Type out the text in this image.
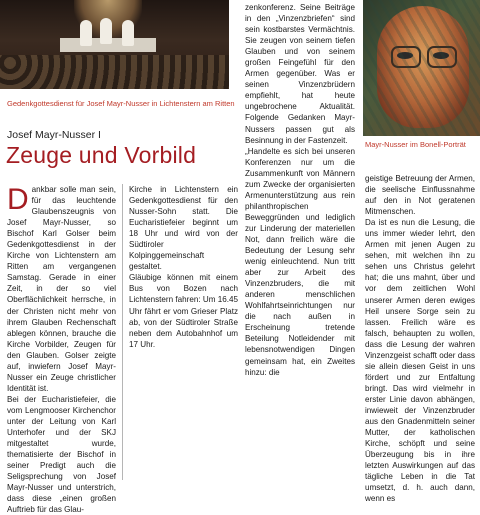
Gedenkgottesdienst für Josef Mayr-Nusser in Lichtenstern am Ritten
Mayr-Nusser im Bonell-Porträt
Josef Mayr-Nusser I
Zeuge und Vorbild

Dankbar solle man sein, für das leuchtende Glaubenszeugnis von Josef Mayr-Nusser, so Bischof Karl Golser beim Gedenkgottesdienst in der Kirche von Lichtenstern am Ritten am vergangenen Samstag. Gerade in einer Zeit, in der so viel Oberflächlichkeit herrsche, in der Christen nicht mehr von ihrem Glauben Rechenschaft ablegen können, brauche die Kirche Vorbilder, Zeugen für den Glauben. Golser zeigte auf, inwiefern Josef Mayr-Nusser ein Zeuge christlicher Identität ist.

Bei der Eucharistiefeier, die vom Lengmooser Kirchenchor unter der Leitung von Karl Unterhofer und der SKJ mitgestaltet wurde, thematisierte der Bischof in seiner Predigt auch die Seligsprechung von Josef Mayr-Nusser und unterstrich, dass diese „einen großen Auftrieb für das Glau-

Kirche in Lichtenstern ein Gedenkgottesdienst für den Nusser-Sohn statt. Die Eucharistiefeier beginnt um 18 Uhr und wird von der Südtiroler Kolpinggemeinschaft gestaltet.

Gläubige können mit einem Bus von Bozen nach Lichtenstern fahren: Um 16.45 Uhr fährt er vom Grieser Platz ab, von der Südtiroler Straße neben dem Autobahnhof um 17 Uhr.

zenkonferenz. Seine Beiträge in den „Vinzenzbriefen“ sind sein kostbarstes Vermächtnis. Sie zeugen von seinem tiefen Glauben und von seinem großen Feingefühl für den Armen gegenüber. Was er seinen Vinzenzbrüdern empfiehlt, hat heute ungebrochene Aktualität. Folgende Gedanken Mayr-Nussers passen gut als Besinnung in der Fastenzeit.

„Handelte es sich bei unseren Konferenzen nur um die Zusammenkunft von Männern zum Zwecke der organisierten Armenunterstützung aus rein philanthropischen Beweggründen und lediglich zur Linderung der materiellen Not, dann freilich wäre die Bedeutung der Lesung sehr wenig einleuchtend. Nun tritt aber zur Arbeit des Vinzenzbruders, die mit anderen menschlichen Wohlfahrtseinrichtungen nur die nach außen in Erscheinung tretende Beteilung Notleidender mit lebensnotwendigen Dingen gemeinsam hat, ein Zweites hinzu: die

geistige Betreuung der Armen, die seelische Einflussnahme auf den in Not geratenen Mitmenschen.

Da ist es nun die Lesung, die uns immer wieder lehrt, den Armen mit jenen Augen zu sehen, mit welchen ihn zu sehen uns Christus gelehrt hat; die uns mahnt, über und vor dem zeitlichen Wohl unserer Armen deren ewiges Heil unsere Sorge sein zu lassen. Freilich wäre es falsch, behaupten zu wollen, dass die Lesung der wahren Vinzenzgeist schafft oder dass sie allein diesen Geist in uns fördert und zur Entfaltung bringt. Das wird vielmehr in erster Linie davon abhängen, inwieweit der Vinzenzbruder aus den Gnadenmitteln seiner Mutter, der katholischen Kirche, schöpft und seine Überzeugung bis in ihre letzten Auswirkungen auf das tägliche Leben in die Tat umsetzt, d. h. auch dann, wenn es
